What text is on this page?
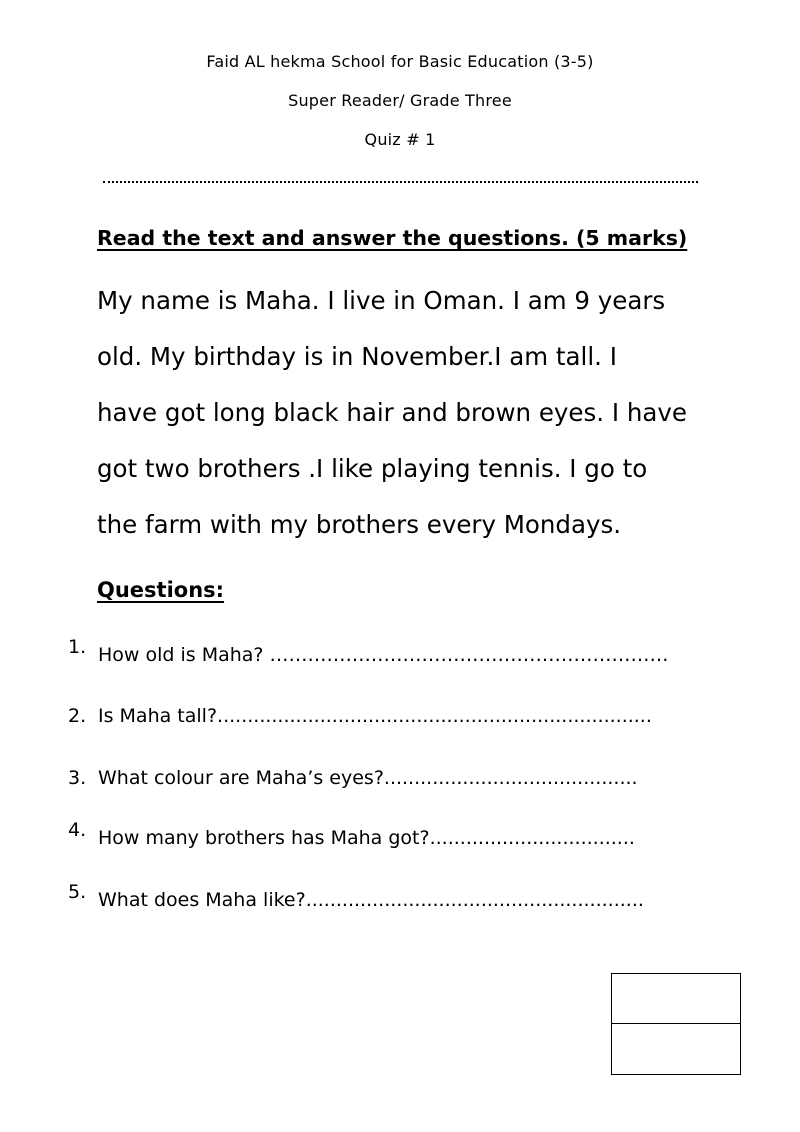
Faid AL hekma School for Basic Education (3-5)
Super Reader/ Grade Three
Quiz # 1
Read the text and answer the questions. (5 marks)
My name is Maha. I live in Oman. I am 9 years
old. My birthday is in November.I am tall. I
have got long black hair and brown eyes. I have
got two brothers .I like playing tennis. I go to
the farm with my brothers every Mondays.
Questions:
1. How old is Maha? ………………………………………………………
2. Is Maha tall?........................................................................
3. What colour are Maha’s eyes?..........................................
4. How many brothers has Maha got?..................................
5. What does Maha like?........................................................
